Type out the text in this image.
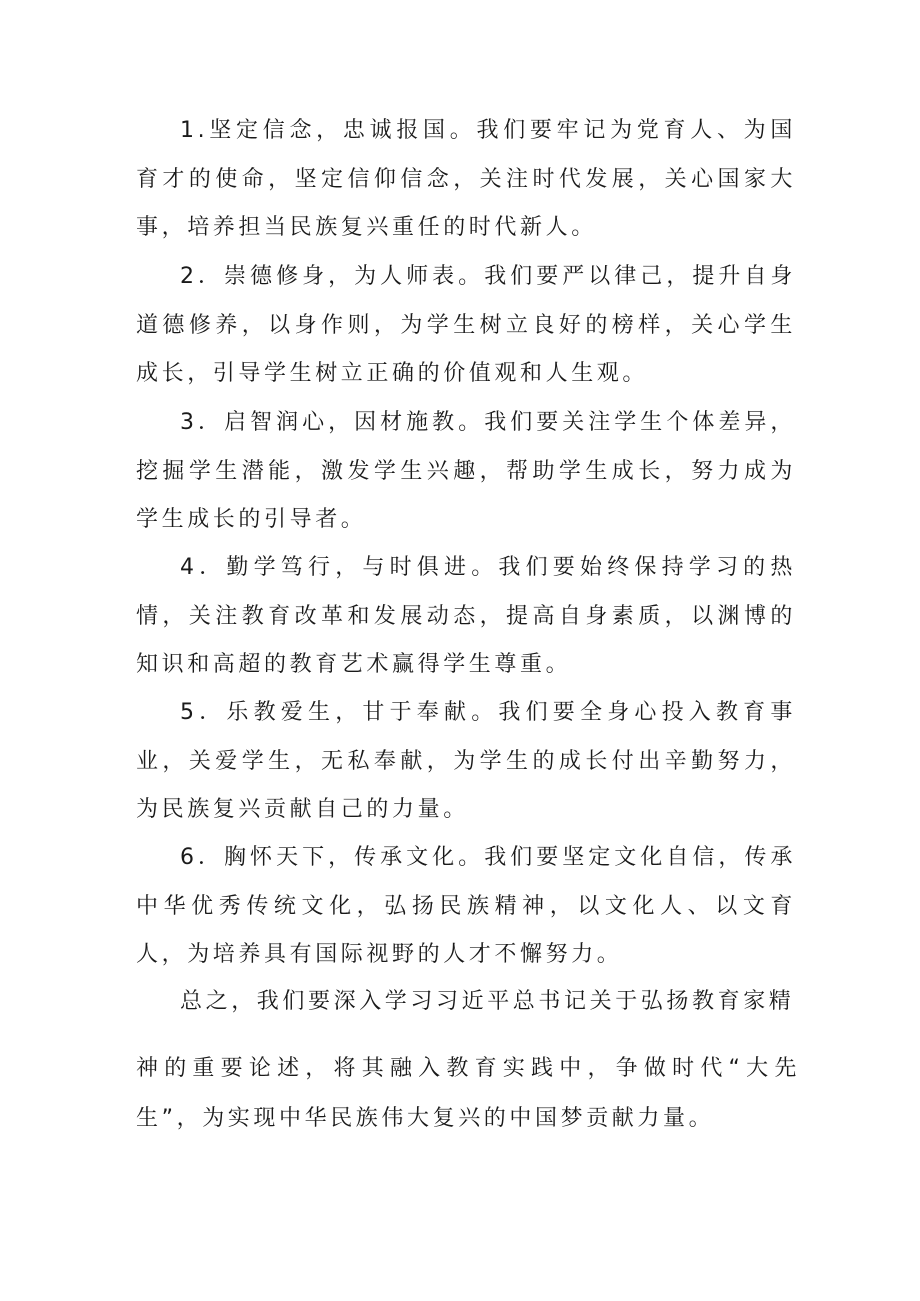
1.坚定信念，忠诚报国。我们要牢记为党育人、为国育才的使命，坚定信仰信念，关注时代发展，关心国家大事，培养担当民族复兴重任的时代新人。

2．崇德修身，为人师表。我们要严以律己，提升自身道德修养，以身作则，为学生树立良好的榜样，关心学生成长，引导学生树立正确的价值观和人生观。

3．启智润心，因材施教。我们要关注学生个体差异，挖掘学生潜能，激发学生兴趣，帮助学生成长，努力成为学生成长的引导者。

4．勤学笃行，与时俱进。我们要始终保持学习的热情，关注教育改革和发展动态，提高自身素质，以渊博的知识和高超的教育艺术赢得学生尊重。

5．乐教爱生，甘于奉献。我们要全身心投入教育事业，关爱学生，无私奉献，为学生的成长付出辛勤努力，为民族复兴贡献自己的力量。

6．胸怀天下，传承文化。我们要坚定文化自信，传承中华优秀传统文化，弘扬民族精神，以文化人、以文育人，为培养具有国际视野的人才不懈努力。

总之，我们要深入学习习近平总书记关于弘扬教育家精

神的重要论述，将其融入教育实践中，争做时代“大先生”，为实现中华民族伟大复兴的中国梦贡献力量。
